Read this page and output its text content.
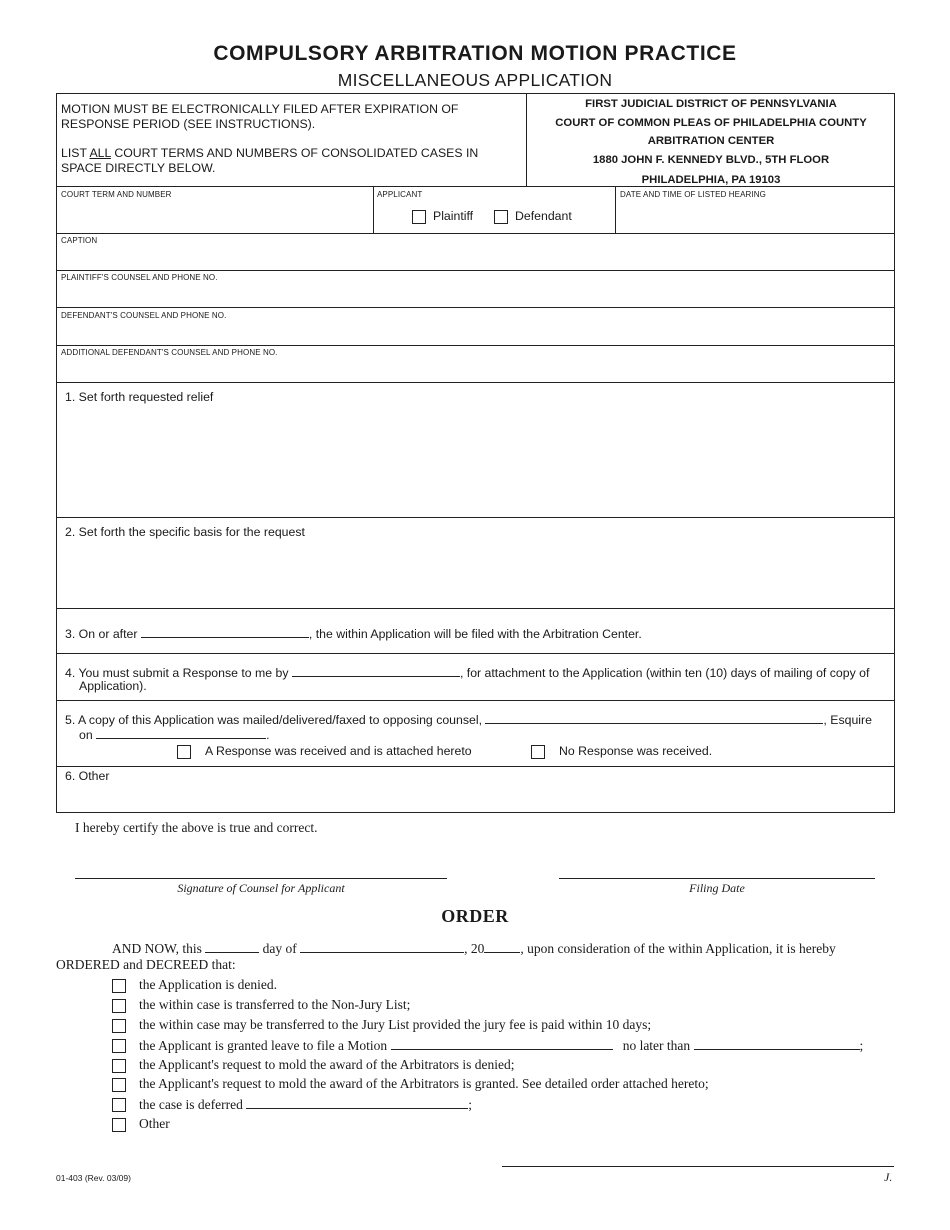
COMPULSORY ARBITRATION MOTION PRACTICE
MISCELLANEOUS APPLICATION
MOTION MUST BE ELECTRONICALLY FILED AFTER EXPIRATION OF
RESPONSE PERIOD (SEE INSTRUCTIONS).
LIST ALL COURT TERMS AND NUMBERS OF CONSOLIDATED CASES IN
SPACE DIRECTLY BELOW.
FIRST JUDICIAL DISTRICT OF PENNSYLVANIA
COURT OF COMMON PLEAS OF PHILADELPHIA COUNTY
ARBITRATION CENTER
1880 JOHN F. KENNEDY BLVD., 5TH FLOOR
PHILADELPHIA, PA 19103
COURT TERM AND NUMBER	APPLICANT
Plaintiff	Defendant
DATE AND TIME OF LISTED HEARING
CAPTION
PLAINTIFF'S COUNSEL AND PHONE NO.
DEFENDANT'S COUNSEL AND PHONE NO.
ADDITIONAL DEFENDANT'S COUNSEL AND PHONE NO.
1. Set forth requested relief
2. Set forth the specific basis for the request
3. On or after	, the within Application will be filed with the Arbitration Center.
4. You must submit a Response to me by	, for attachment to the Application (within ten (10) days of mailing of copy of
Application).
5. A copy of this Application was mailed/delivered/faxed to opposing counsel,	, Esquire
on	.
A Response was received and is attached hereto	No Response was received.
6. Other
I hereby certify the above is true and correct.
Signature of Counsel for Applicant	Filing Date
ORDER
AND NOW, this	day of	, 20	, upon consideration of the within Application, it is hereby
ORDERED and DECREED that:
the Application is denied.
the within case is transferred to the Non-Jury List;
the within case may be transferred to the Jury List provided the jury fee is paid within 10 days;
the Applicant is granted leave to file a Motion	no later than	;
the Applicant's request to mold the award of the Arbitrators is denied;
the Applicant's request to mold the award of the Arbitrators is granted. See detailed order attached hereto;
the case is deferred	;
Other
01-403 (Rev. 03/09)	J.
